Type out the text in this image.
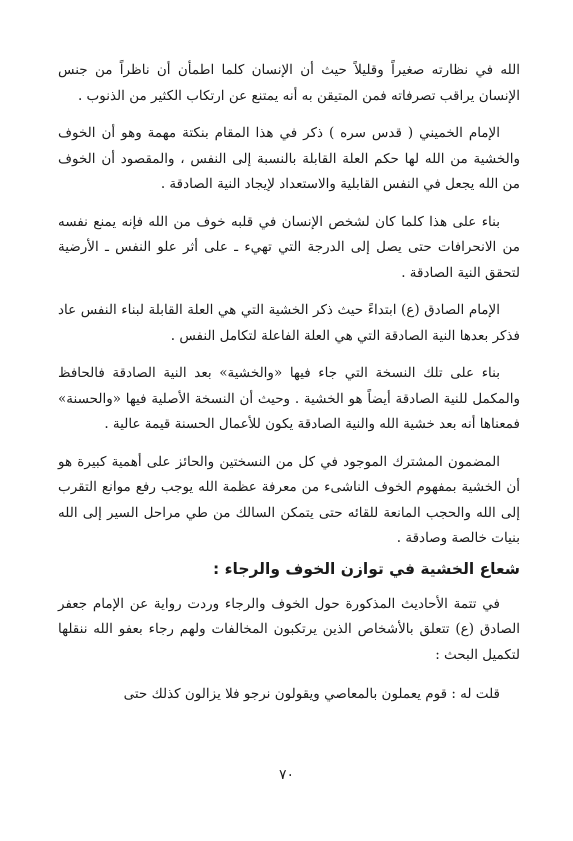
الله في نظارته صغيراً وقليلاً حيث أن الإنسان كلما اطمأن أن ناظراً من جنس الإنسان يراقب تصرفاته فمن المتيقن به أنه يمتنع عن ارتكاب الكثير من الذنوب .

الإمام الخميني ( قدس سره ) ذكر في هذا المقام بنكتة مهمة وهو أن الخوف والخشية من الله لها حكم العلة القابلة بالنسبة إلى النفس ، والمقصود أن الخوف من الله يجعل في النفس القابلية والاستعداد لإيجاد النية الصادقة .

بناء على هذا كلما كان لشخص الإنسان في قلبه خوف من الله فإنه يمنع نفسه من الانحرافات حتى يصل إلى الدرجة التي تهيء ـ على أثر علو النفس ـ الأرضية لتحقق النية الصادقة .

الإمام الصادق (ع) ابتداءً حيث ذكر الخشية التي هي العلة القابلة لبناء النفس عاد فذكر بعدها النية الصادقة التي هي العلة الفاعلة لتكامل النفس .

بناء على تلك النسخة التي جاء فيها «والخشية» بعد النية الصادقة فالحافظ والمكمل للنية الصادقة أيضاً هو الخشية . وحيث أن النسخة الأصلية فيها «والحسنة» فمعناها أنه بعد خشية الله والنية الصادقة يكون للأعمال الحسنة قيمة عالية .

المضمون المشترك الموجود في كل من النسختين والحائز على أهمية كبيرة هو أن الخشية بمفهوم الخوف الناشىء من معرفة عظمة الله يوجب رفع موانع التقرب إلى الله والحجب المانعة للقائه حتى يتمكن السالك من طي مراحل السير إلى الله بنيات خالصة وصادقة .

شعاع الخشية في توازن الخوف والرجاء :

في تتمة الأحاديث المذكورة حول الخوف والرجاء وردت رواية عن الإمام جعفر الصادق (ع) تتعلق بالأشخاص الذين يرتكبون المخالفات ولهم رجاء بعفو الله ننقلها لتكميل البحث :

قلت له : قوم يعملون بالمعاصي ويقولون نرجو فلا يزالون كذلك حتى

٧٠
